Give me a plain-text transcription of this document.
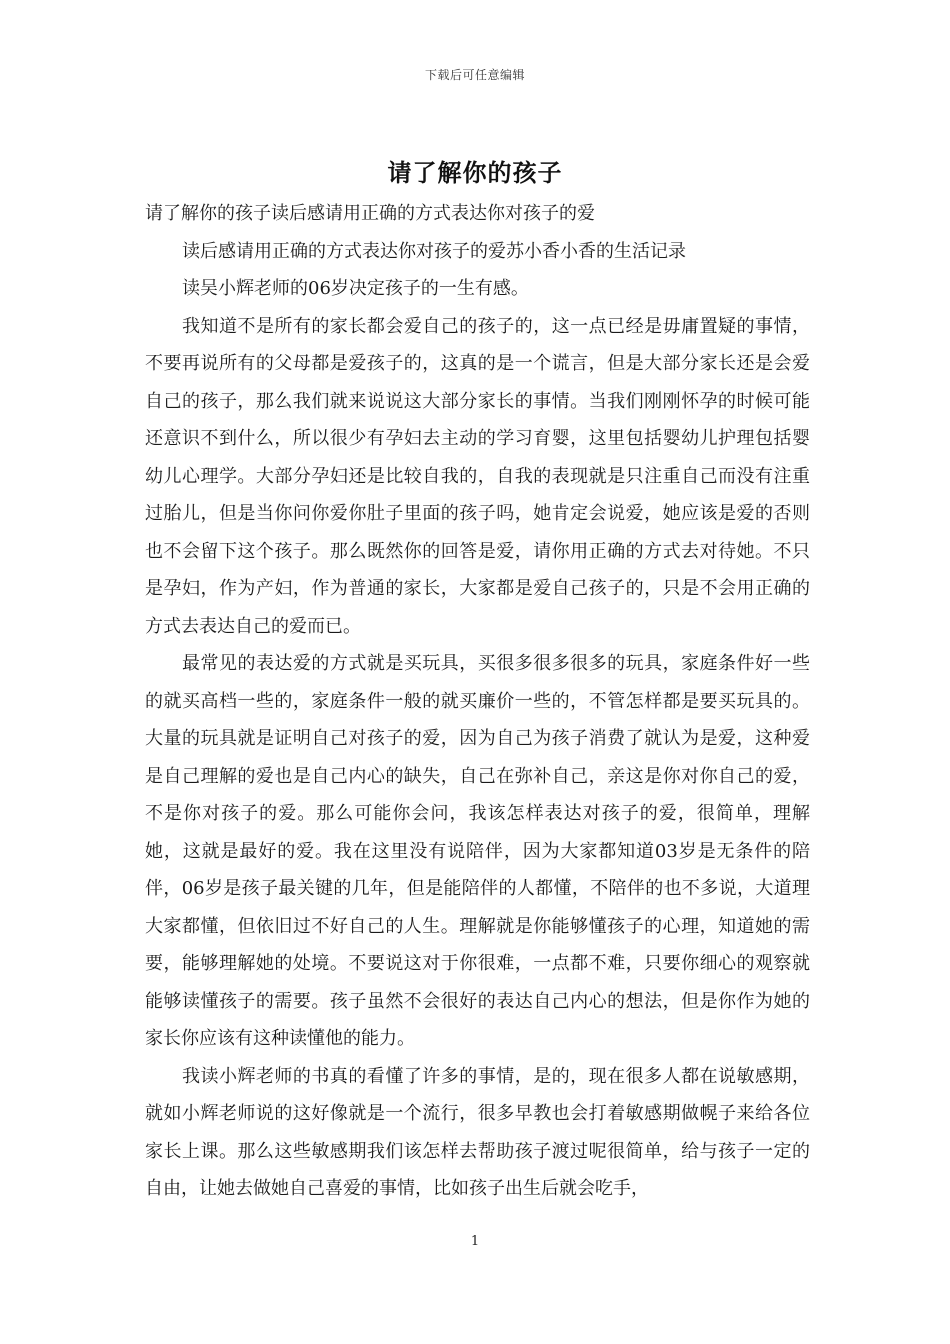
下载后可任意编辑
请了解你的孩子

请了解你的孩子读后感请用正确的方式表达你对孩子的爱

读后感请用正确的方式表达你对孩子的爱苏小香小香的生活记录

读吴小辉老师的06岁决定孩子的一生有感。

我知道不是所有的家长都会爱自己的孩子的，这一点已经是毋庸置疑的事情，不要再说所有的父母都是爱孩子的，这真的是一个谎言，但是大部分家长还是会爱自己的孩子，那么我们就来说说这大部分家长的事情。当我们刚刚怀孕的时候可能还意识不到什么，所以很少有孕妇去主动的学习育婴，这里包括婴幼儿护理包括婴幼儿心理学。大部分孕妇还是比较自我的，自我的表现就是只注重自己而没有注重过胎儿，但是当你问你爱你肚子里面的孩子吗，她肯定会说爱，她应该是爱的否则也不会留下这个孩子。那么既然你的回答是爱，请你用正确的方式去对待她。不只是孕妇，作为产妇，作为普通的家长，大家都是爱自己孩子的，只是不会用正确的方式去表达自己的爱而已。

最常见的表达爱的方式就是买玩具，买很多很多很多的玩具，家庭条件好一些的就买高档一些的，家庭条件一般的就买廉价一些的，不管怎样都是要买玩具的。大量的玩具就是证明自己对孩子的爱，因为自己为孩子消费了就认为是爱，这种爱是自己理解的爱也是自己内心的缺失，自己在弥补自己，亲这是你对你自己的爱，不是你对孩子的爱。那么可能你会问，我该怎样表达对孩子的爱，很简单，理解她，这就是最好的爱。我在这里没有说陪伴，因为大家都知道03岁是无条件的陪伴，06岁是孩子最关键的几年，但是能陪伴的人都懂，不陪伴的也不多说，大道理大家都懂，但依旧过不好自己的人生。理解就是你能够懂孩子的心理，知道她的需要，能够理解她的处境。不要说这对于你很难，一点都不难，只要你细心的观察就能够读懂孩子的需要。孩子虽然不会很好的表达自己内心的想法，但是你作为她的家长你应该有这种读懂他的能力。

我读小辉老师的书真的看懂了许多的事情，是的，现在很多人都在说敏感期，就如小辉老师说的这好像就是一个流行，很多早教也会打着敏感期做幌子来给各位家长上课。那么这些敏感期我们该怎样去帮助孩子渡过呢很简单，给与孩子一定的自由，让她去做她自己喜爱的事情，比如孩子出生后就会吃手，

1
